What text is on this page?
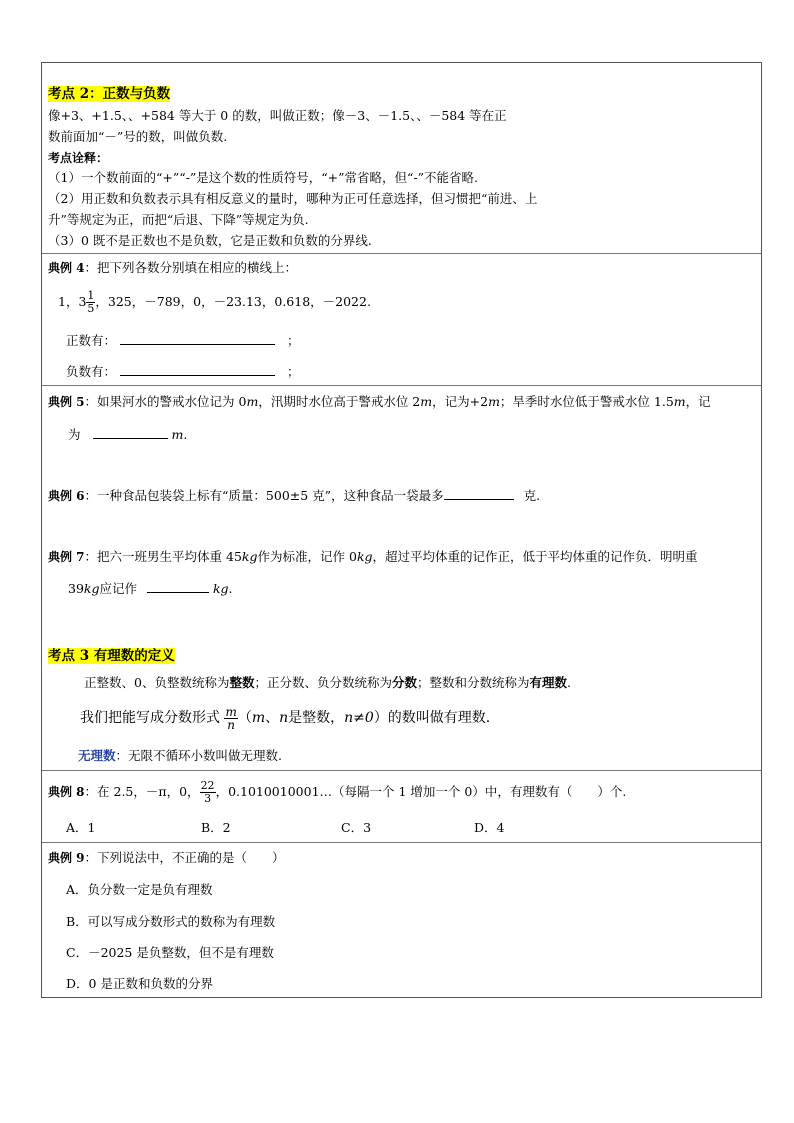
考点 2：正数与负数
像+3、+1.5、、+584 等大于 0 的数，叫做正数；像－3、－1.5、、－584 等在正
数前面加“－”号的数，叫做负数.
考点诠释：
（1）一个数前面的“+”“-”是这个数的性质符号，“+”常省略，但“-”不能省略.
（2）用正数和负数表示具有相反意义的量时，哪种为正可任意选择，但习惯把“前进、上
升”等规定为正，而把“后退、下降”等规定为负.
（3）0 既不是正数也不是负数，它是正数和负数的分界线.
典例 4：把下列各数分别填在相应的横线上：
1，$3 \frac{1}{5}$ ，325，－789，0，－23.13，0.618，－2022.
正数有：	；
负数有：	；
典例 5：如果河水的警戒水位记为 0m，汛期时水位高于警戒水位 2m，记为+2m；旱季时水位低于警戒水位 1.5m，记
为	m.
典例 6：一种食品包装袋上标有“质量：500±5 克”，这种食品一袋最多	克.
典例 7：把六一班男生平均体重 45kg作为标准，记作 0kg，超过平均体重的记作正，低于平均体重的记作负．明明重
39kg应记作	kg.
考点 3 有理数的定义
正整数、0、负整数统称为整数；正分数、负分数统称为分数；整数和分数统称为有理数.
我们把能写成分数形式 $\frac{m}{n} (m$、n是整数，n≠0）的数叫做有理数.
无理数：无限不循环小数叫做无理数.
典例 8：在 2.5，－π，0， $\frac{22}{3}$ ，0.1010010001…（每隔一个 1 增加一个 0）中，有理数有（　　）个.
A．1	B．2	C．3	D．4
典例 9：下列说法中，不正确的是（　　）
A．负分数一定是负有理数
B．可以写成分数形式的数称为有理数
C．－2025 是负整数，但不是有理数
D．0 是正数和负数的分界
